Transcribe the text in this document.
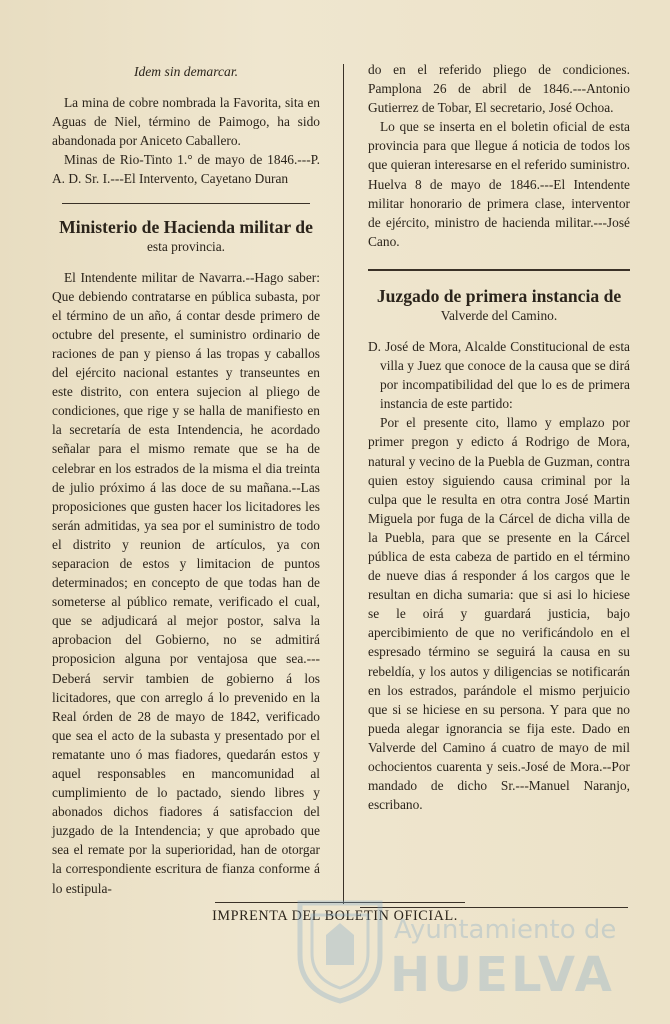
Idem sin demarcar.

La mina de cobre nombrada la Favorita, sita en Aguas de Niel, término de Paimogo, ha sido abandonada por Aniceto Caballero.

Minas de Rio-Tinto 1.° de mayo de 1846.---P. A. D. Sr. I.---El Intervento, Cayetano Duran

Ministerio de Hacienda militar de
esta provincia.

El Intendente militar de Navarra.--Hago saber: Que debiendo contratarse en pública subasta, por el término de un año, á contar desde primero de octubre del presente, el suministro ordinario de raciones de pan y pienso á las tropas y caballos del ejército nacional estantes y transeuntes en este distrito, con entera sujecion al pliego de condiciones, que rige y se halla de manifiesto en la secretaría de esta Intendencia, he acordado señalar para el mismo remate que se ha de celebrar en los estrados de la misma el dia treinta de julio próximo á las doce de su mañana.--Las proposiciones que gusten hacer los licitadores les serán admitidas, ya sea por el suministro de todo el distrito y reunion de artículos, ya con separacion de estos y limitacion de puntos determinados; en concepto de que todas han de someterse al público remate, verificado el cual, que se adjudicará al mejor postor, salva la aprobacion del Gobierno, no se admitirá proposicion alguna por ventajosa que sea.---Deberá servir tambien de gobierno á los licitadores, que con arreglo á lo prevenido en la Real órden de 28 de mayo de 1842, verificado que sea el acto de la subasta y presentado por el rematante uno ó mas fiadores, quedarán estos y aquel responsables en mancomunidad al cumplimiento de lo pactado, siendo libres y abonados dichos fiadores á satisfaccion del juzgado de la Intendencia; y que aprobado que sea el remate por la superioridad, han de otorgar la correspondiente escritura de fianza conforme á lo estipula-

do en el referido pliego de condiciones. Pamplona 26 de abril de 1846.---Antonio Gutierrez de Tobar, El secretario, José Ochoa.

Lo que se inserta en el boletin oficial de esta provincia para que llegue á noticia de todos los que quieran interesarse en el referido suministro. Huelva 8 de mayo de 1846.---El Intendente militar honorario de primera clase, interventor de ejército, ministro de hacienda militar.---José Cano.

Juzgado de primera instancia de
Valverde del Camino.

D. José de Mora, Alcalde Constitucional de esta villa y Juez que conoce de la causa que se dirá por incompatibilidad del que lo es de primera instancia de este partido:

Por el presente cito, llamo y emplazo por primer pregon y edicto á Rodrigo de Mora, natural y vecino de la Puebla de Guzman, contra quien estoy siguiendo causa criminal por la culpa que le resulta en otra contra José Martin Miguela por fuga de la Cárcel de dicha villa de la Puebla, para que se presente en la Cárcel pública de esta cabeza de partido en el término de nueve dias á responder á los cargos que le resultan en dicha sumaria: que si asi lo hiciese se le oirá y guardará justicia, bajo apercibimiento de que no verificándolo en el espresado término se seguirá la causa en su rebeldía, y los autos y diligencias se notificarán en los estrados, parándole el mismo perjuicio que si se hiciese en su persona. Y para que no pueda alegar ignorancia se fija este. Dado en Valverde del Camino á cuatro de mayo de mil ochocientos cuarenta y seis.-José de Mora.--Por mandado de dicho Sr.---Manuel Naranjo, escribano.

IMPRENTA DEL BOLETIN OFICIAL.
Ayuntamiento de
HUELVA
